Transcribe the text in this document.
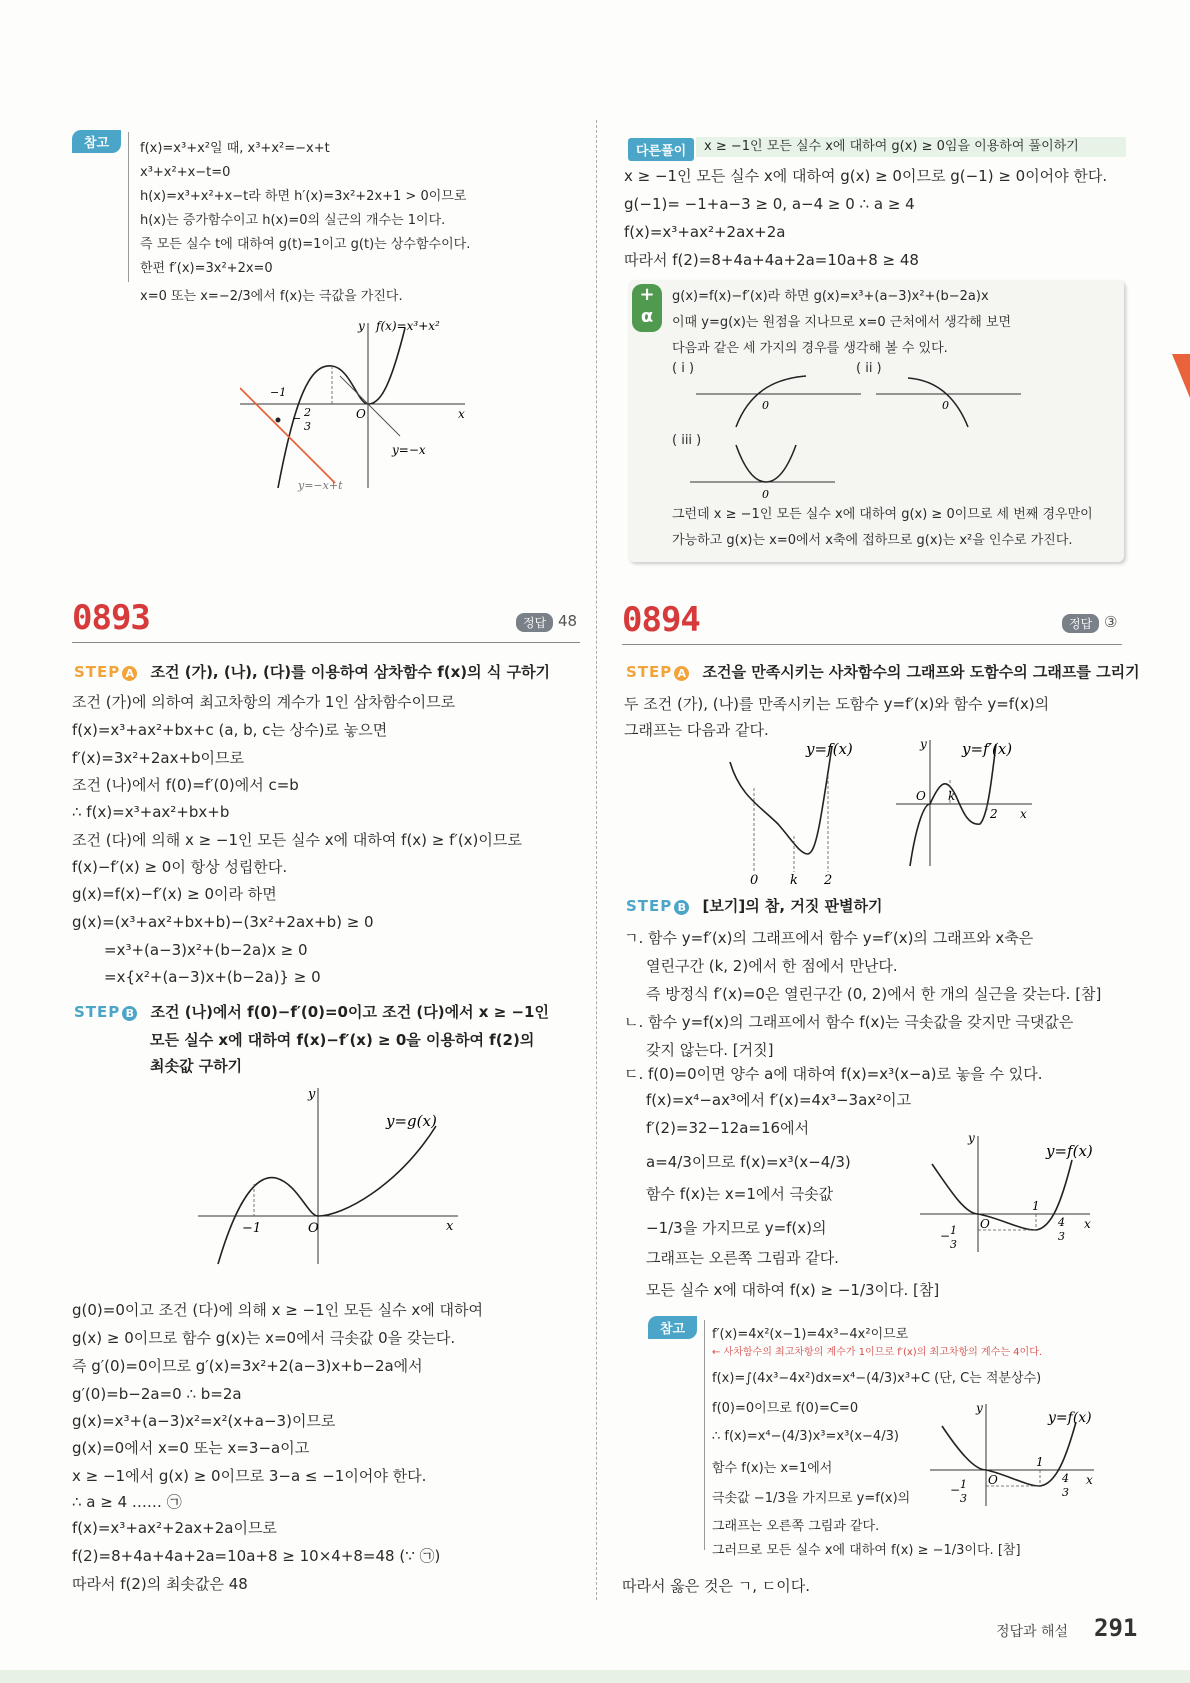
참고	f(x)=x³+x²일 때, x³+x²=−x+t
x³+x²+x−t=0
h(x)=x³+x²+x−t라 하면 h′(x)=3x²+2x+1 > 0이므로
h(x)는 증가함수이고 h(x)=0의 실근의 개수는 1이다.
즉 모든 실수 t에 대하여 g(t)=1이고 g(t)는 상수함수이다.
한편 f′(x)=3x²+2x=0
x=0 또는 x=−2/3에서 f(x)는 극값을 가진다.
y
x
O
f(x)=x³+x²
−1
− 2
3
y=−x
y=−x+t
다른풀이	x ≥ −1인 모든 실수 x에 대하여 g(x) ≥ 0임을 이용하여 풀이하기
x ≥ −1인 모든 실수 x에 대하여 g(x) ≥ 0이므로 g(−1) ≥ 0이어야 한다.
g(−1)= −1+a−3 ≥ 0, a−4 ≥ 0 ∴ a ≥ 4
f(x)=x³+ax²+2ax+2a
따라서 f(2)=8+4a+4a+2a=10a+8 ≥ 48
+
α
g(x)=f(x)−f′(x)라 하면 g(x)=x³+(a−3)x²+(b−2a)x
이때 y=g(x)는 원점을 지나므로 x=0 근처에서 생각해 보면
다음과 같은 세 가지의 경우를 생각해 볼 수 있다.
( i )	( ii )
( iii )
0	0
0
그런데 x ≥ −1인 모든 실수 x에 대하여 g(x) ≥ 0이므로 세 번째 경우만이
가능하고 g(x)는 x=0에서 x축에 접하므로 g(x)는 x²을 인수로 가진다.
0893	정답 48
STEP A 조건 (가), (나), (다)를 이용하여 삼차함수 f(x)의 식 구하기
조건 (가)에 의하여 최고차항의 계수가 1인 삼차함수이므로
f(x)=x³+ax²+bx+c (a, b, c는 상수)로 놓으면
f′(x)=3x²+2ax+b이므로
조건 (나)에서 f(0)=f′(0)에서 c=b
∴ f(x)=x³+ax²+bx+b
조건 (다)에 의해 x ≥ −1인 모든 실수 x에 대하여 f(x) ≥ f′(x)이므로
f(x)−f′(x) ≥ 0이 항상 성립한다.
g(x)=f(x)−f′(x) ≥ 0이라 하면
g(x)=(x³+ax²+bx+b)−(3x²+2ax+b) ≥ 0
=x³+(a−3)x²+(b−2a)x ≥ 0
=x{x²+(a−3)x+(b−2a)} ≥ 0
STEP B 조건 (나)에서 f(0)−f′(0)=0이고 조건 (다)에서 x ≥ −1인
모든 실수 x에 대하여 f(x)−f′(x) ≥ 0을 이용하여 f(2)의
최솟값 구하기
y
x
O
−1
y=g(x)
g(0)=0이고 조건 (다)에 의해 x ≥ −1인 모든 실수 x에 대하여
g(x) ≥ 0이므로 함수 g(x)는 x=0에서 극솟값 0을 갖는다.
즉 g′(0)=0이므로 g′(x)=3x²+2(a−3)x+b−2a에서
g′(0)=b−2a=0 ∴ b=2a
g(x)=x³+(a−3)x²=x²(x+a−3)이므로
g(x)=0에서 x=0 또는 x=3−a이고
x ≥ −1에서 g(x) ≥ 0이므로 3−a ≤ −1이어야 한다.
∴ a ≥ 4 …… ㉠
f(x)=x³+ax²+2ax+2a이므로
f(2)=8+4a+4a+2a=10a+8 ≥ 10×4+8=48 (∵ ㉠)
따라서 f(2)의 최솟값은 48
0894	정답 ③
STEP A 조건을 만족시키는 사차함수의 그래프와 도함수의 그래프를 그리기
두 조건 (가), (나)를 만족시키는 도함수 y=f′(x)와 함수 y=f(x)의
그래프는 다음과 같다.
0 k 2
y=f(x)	y
x
O k
2
y=f′(x)
STEP B [보기]의 참, 거짓 판별하기
ㄱ. 함수 y=f′(x)의 그래프에서 함수 y=f′(x)의 그래프와 x축은
열린구간 (k, 2)에서 한 점에서 만난다.
즉 방정식 f′(x)=0은 열린구간 (0, 2)에서 한 개의 실근을 갖는다. [참]
ㄴ. 함수 y=f(x)의 그래프에서 함수 f(x)는 극솟값을 갖지만 극댓값은
갖지 않는다. [거짓]
ㄷ. f(0)=0이면 양수 a에 대하여 f(x)=x³(x−a)로 놓을 수 있다.
f(x)=x⁴−ax³에서 f′(x)=4x³−3ax²이고
f′(2)=32−12a=16에서
a=4/3이므로 f(x)=x³(x−4/3)
함수 f(x)는 x=1에서 극솟값
−1/3을 가지므로 y=f(x)의
그래프는 오른쪽 그림과 같다.
모든 실수 x에 대하여 f(x) ≥ −1/3이다. [참]
y
x
O
1
− 1
3
4
3
y=f(x)
참고	f′(x)=4x²(x−1)=4x³−4x²이므로
← 사차함수의 최고차항의 계수가 1이므로 f′(x)의 최고차항의 계수는 4이다.
f(x)=∫(4x³−4x²)dx=x⁴−(4/3)x³+C (단, C는 적분상수)
f(0)=0이므로 f(0)=C=0
∴ f(x)=x⁴−(4/3)x³=x³(x−4/3)
함수 f(x)는 x=1에서
극솟값 −1/3을 가지므로 y=f(x)의
그래프는 오른쪽 그림과 같다.
그러므로 모든 실수 x에 대하여 f(x) ≥ −1/3이다. [참]
y
x
O
1
− 1
3
4
3
y=f(x)
따라서 옳은 것은 ㄱ, ㄷ이다.
정답과 해설 291
